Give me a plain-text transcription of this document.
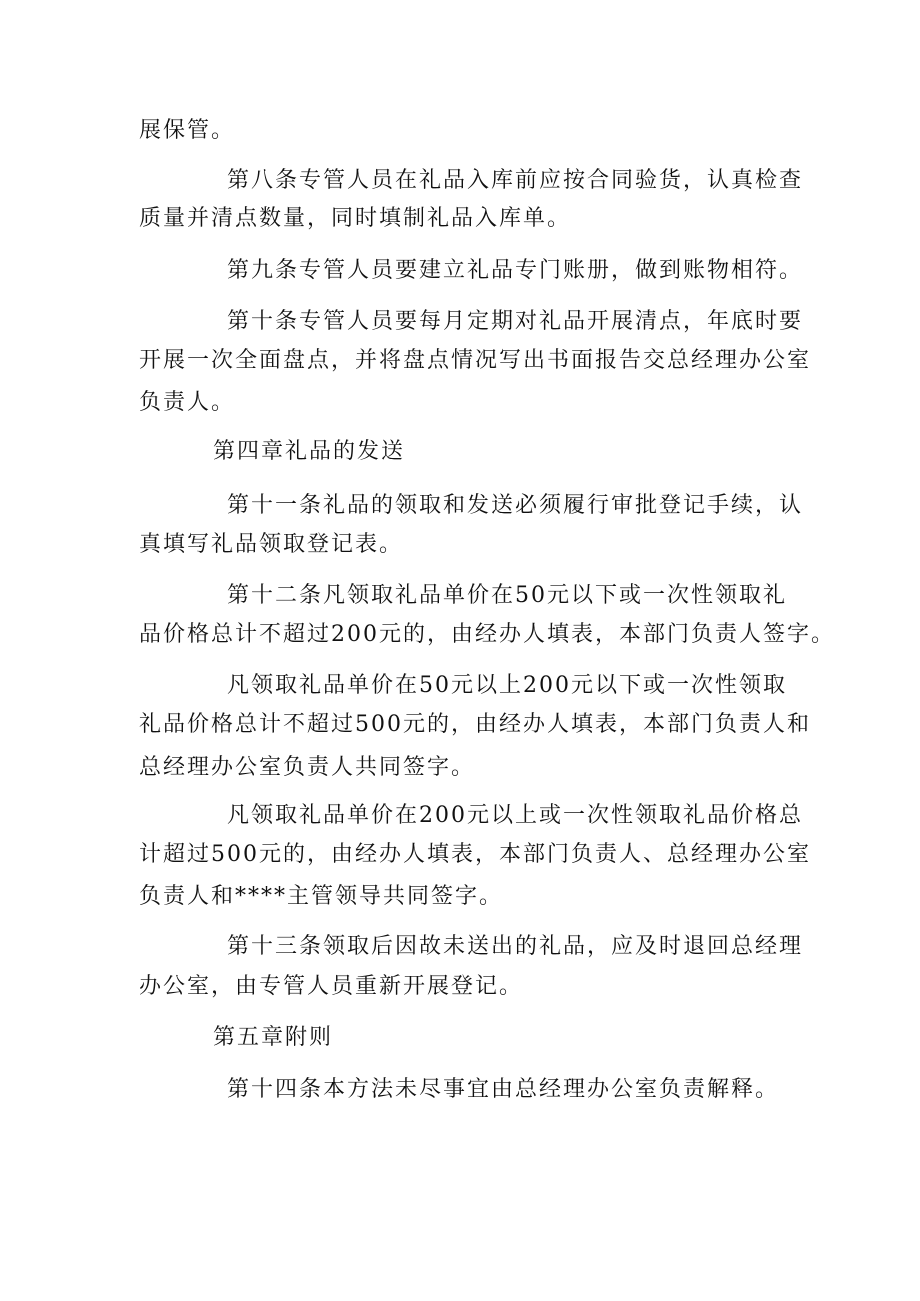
展保管。
第八条专管人员在礼品入库前应按合同验货，认真检查
质量并清点数量，同时填制礼品入库单。
第九条专管人员要建立礼品专门账册，做到账物相符。
第十条专管人员要每月定期对礼品开展清点，年底时要
开展一次全面盘点，并将盘点情况写出书面报告交总经理办公室
负责人。
第四章礼品的发送
第十一条礼品的领取和发送必须履行审批登记手续，认
真填写礼品领取登记表。
第十二条凡领取礼品单价在50元以下或一次性领取礼
品价格总计不超过200元的，由经办人填表，本部门负责人签字。
凡领取礼品单价在50元以上200元以下或一次性领取
礼品价格总计不超过500元的，由经办人填表，本部门负责人和
总经理办公室负责人共同签字。
凡领取礼品单价在200元以上或一次性领取礼品价格总
计超过500元的，由经办人填表，本部门负责人、总经理办公室
负责人和****主管领导共同签字。
第十三条领取后因故未送出的礼品，应及时退回总经理
办公室，由专管人员重新开展登记。
第五章附则
第十四条本方法未尽事宜由总经理办公室负责解释。
